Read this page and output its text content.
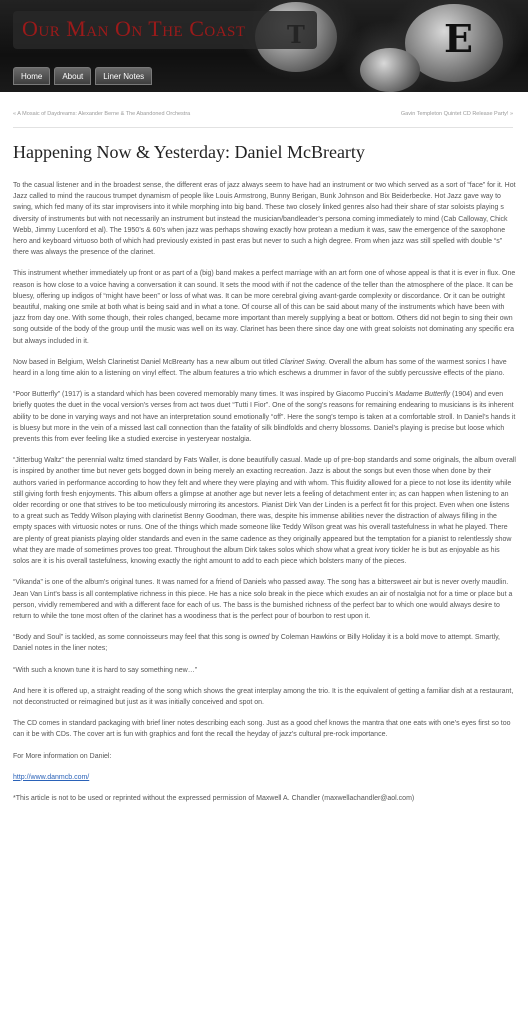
E
Our Man On The Coast
Home	About	Liner Notes
« A Mosaic of Daydreams: Alexander Berne & The Abandoned Orchestra	Gavin Templeton Quintet CD Release Party! »
Happening Now & Yesterday: Daniel McBrearty

To the casual listener and in the broadest sense, the different eras of jazz always seem to have had an instrument or two which served as a sort of “face” for it. Hot Jazz called to mind the raucous trumpet dynamism of people like Louis Armstrong, Bunny Berigan, Bunk Johnson and Bix Beiderbecke. Hot Jazz gave way to swing, which fed many of its star improvisers into it while morphing into big band. These two closely linked genres also had their share of star soloists playing s diversity of instruments but with not necessarily an instrument but instead the musician/bandleader’s persona coming immediately to mind (Cab Calloway, Chick Webb, Jimmy Lucenford et al). The 1950’s & 60’s when jazz was perhaps showing exactly how protean a medium it was, saw the emergence of the saxophone hero and keyboard virtuoso both of which had previously existed in past eras but never to such a high degree. From when jazz was still spelled with double “s” there was always the presence of the clarinet.

This instrument whether immediately up front or as part of a (big) band makes a perfect marriage with an art form one of whose appeal is that it is ever in flux. One reason is how close to a voice having a conversation it can sound. It sets the mood with if not the cadence of the teller than the atmosphere of the place. It can be bluesy, offering up indigos of “might have been” or loss of what was. It can be more cerebral giving avant-garde complexity or discordance. Or it can be outright beautiful, making one smile at both what is being said and in what a tone. Of course all of this can be said about many of the instruments which have been with jazz from day one. With some though, their roles changed, became more important than merely supplying a beat or bottom. Others did not begin to sing their own song outside of the body of the group until the music was well on its way. Clarinet has been there since day one with great soloists not dominating any specific era but always included in it.

Now based in Belgium, Welsh Clarinetist Daniel McBrearty has a new album out titled Clarinet Swing. Overall the album has some of the warmest sonics I have heard in a long time akin to a listening on vinyl effect. The album features a trio which eschews a drummer in favor of the subtly percussive effects of the piano.

“Poor Butterfly” (1917) is a standard which has been covered memorably many times. It was inspired by Giacomo Puccini’s Madame Butterfly (1904) and even briefly quotes the duet in the vocal version’s verses from act twos duet “Tutti I Fior”. One of the song’s reasons for remaining endearing to musicians is its inherent ability to be done in varying ways and not have an interpretation sound emotionally “off”. Here the song’s tempo is taken at a comfortable stroll. In Daniel’s hands it is bluesy but more in the vein of a missed last call connection than the fatality of silk blindfolds and cherry blossoms. Daniel’s playing is precise but loose which prevents this from ever feeling like a studied exercise in yesteryear nostalgia.

“Jitterbug Waltz” the perennial waltz timed standard by Fats Waller, is done beautifully casual. Made up of pre-bop standards and some originals, the album overall is inspired by another time but never gets bogged down in being merely an exacting recreation. Jazz is about the songs but even those when done by their authors varied in performance according to how they felt and where they were playing and with whom. This fluidity allowed for a piece to not lose its identity while still giving forth fresh enjoyments. This album offers a glimpse at another age but never lets a feeling of detachment enter in; as can happen when listening to an older recording or one that strives to be too meticulously mirroring its ancestors. Pianist Dirk Van der Linden is a perfect fit for this project. Even when one listens to a great such as Teddy Wilson playing with clarinetist Benny Goodman, there was, despite his immense abilities never the distraction of always filling in the empty spaces with virtuosic notes or runs. One of the things which made someone like Teddy Wilson great was his overall tastefulness in what he played. There are plenty of great pianists playing older standards and even in the same cadence as they originally appeared but the temptation for a pianist to relentlessly show what they are made of sometimes proves too great. Throughout the album Dirk takes solos which show what a great ivory tickler he is but as enjoyable as his solos are it is his overall tastefulness, knowing exactly the right amount to add to each piece which bolsters many of the pieces.

“Vikanda” is one of the album’s original tunes. It was named for a friend of Daniels who passed away. The song has a bittersweet air but is never overly maudlin. Jean Van Lint’s bass is all contemplative richness in this piece. He has a nice solo break in the piece which exudes an air of nostalgia not for a time or place but a person, vividly remembered and with a different face for each of us. The bass is the burnished richness of the perfect bar to which one would always desire to return to while the tone most often of the clarinet has a woodiness that is the perfect pour of bourbon to rest upon it.

“Body and Soul” is tackled, as some connoisseurs may feel that this song is owned by Coleman Hawkins or Billy Holiday it is a bold move to attempt. Smartly, Daniel notes in the liner notes;

“With such a known tune it is hard to say something new…”

And here it is offered up, a straight reading of the song which shows the great interplay among the trio. It is the equivalent of getting a familiar dish at a restaurant, not deconstructed or reimagined but just as it was initially conceived and spot on.

The CD comes in standard packaging with brief liner notes describing each song. Just as a good chef knows the mantra that one eats with one’s eyes first so too can it be with CDs. The cover art is fun with graphics and font the recall the heyday of jazz’s cultural pre-rock importance.

For More information on Daniel:

http://www.danmcb.com/

*This article is not to be used or reprinted without the expressed permission of Maxwell A. Chandler (maxwellachandler@aol.com)
